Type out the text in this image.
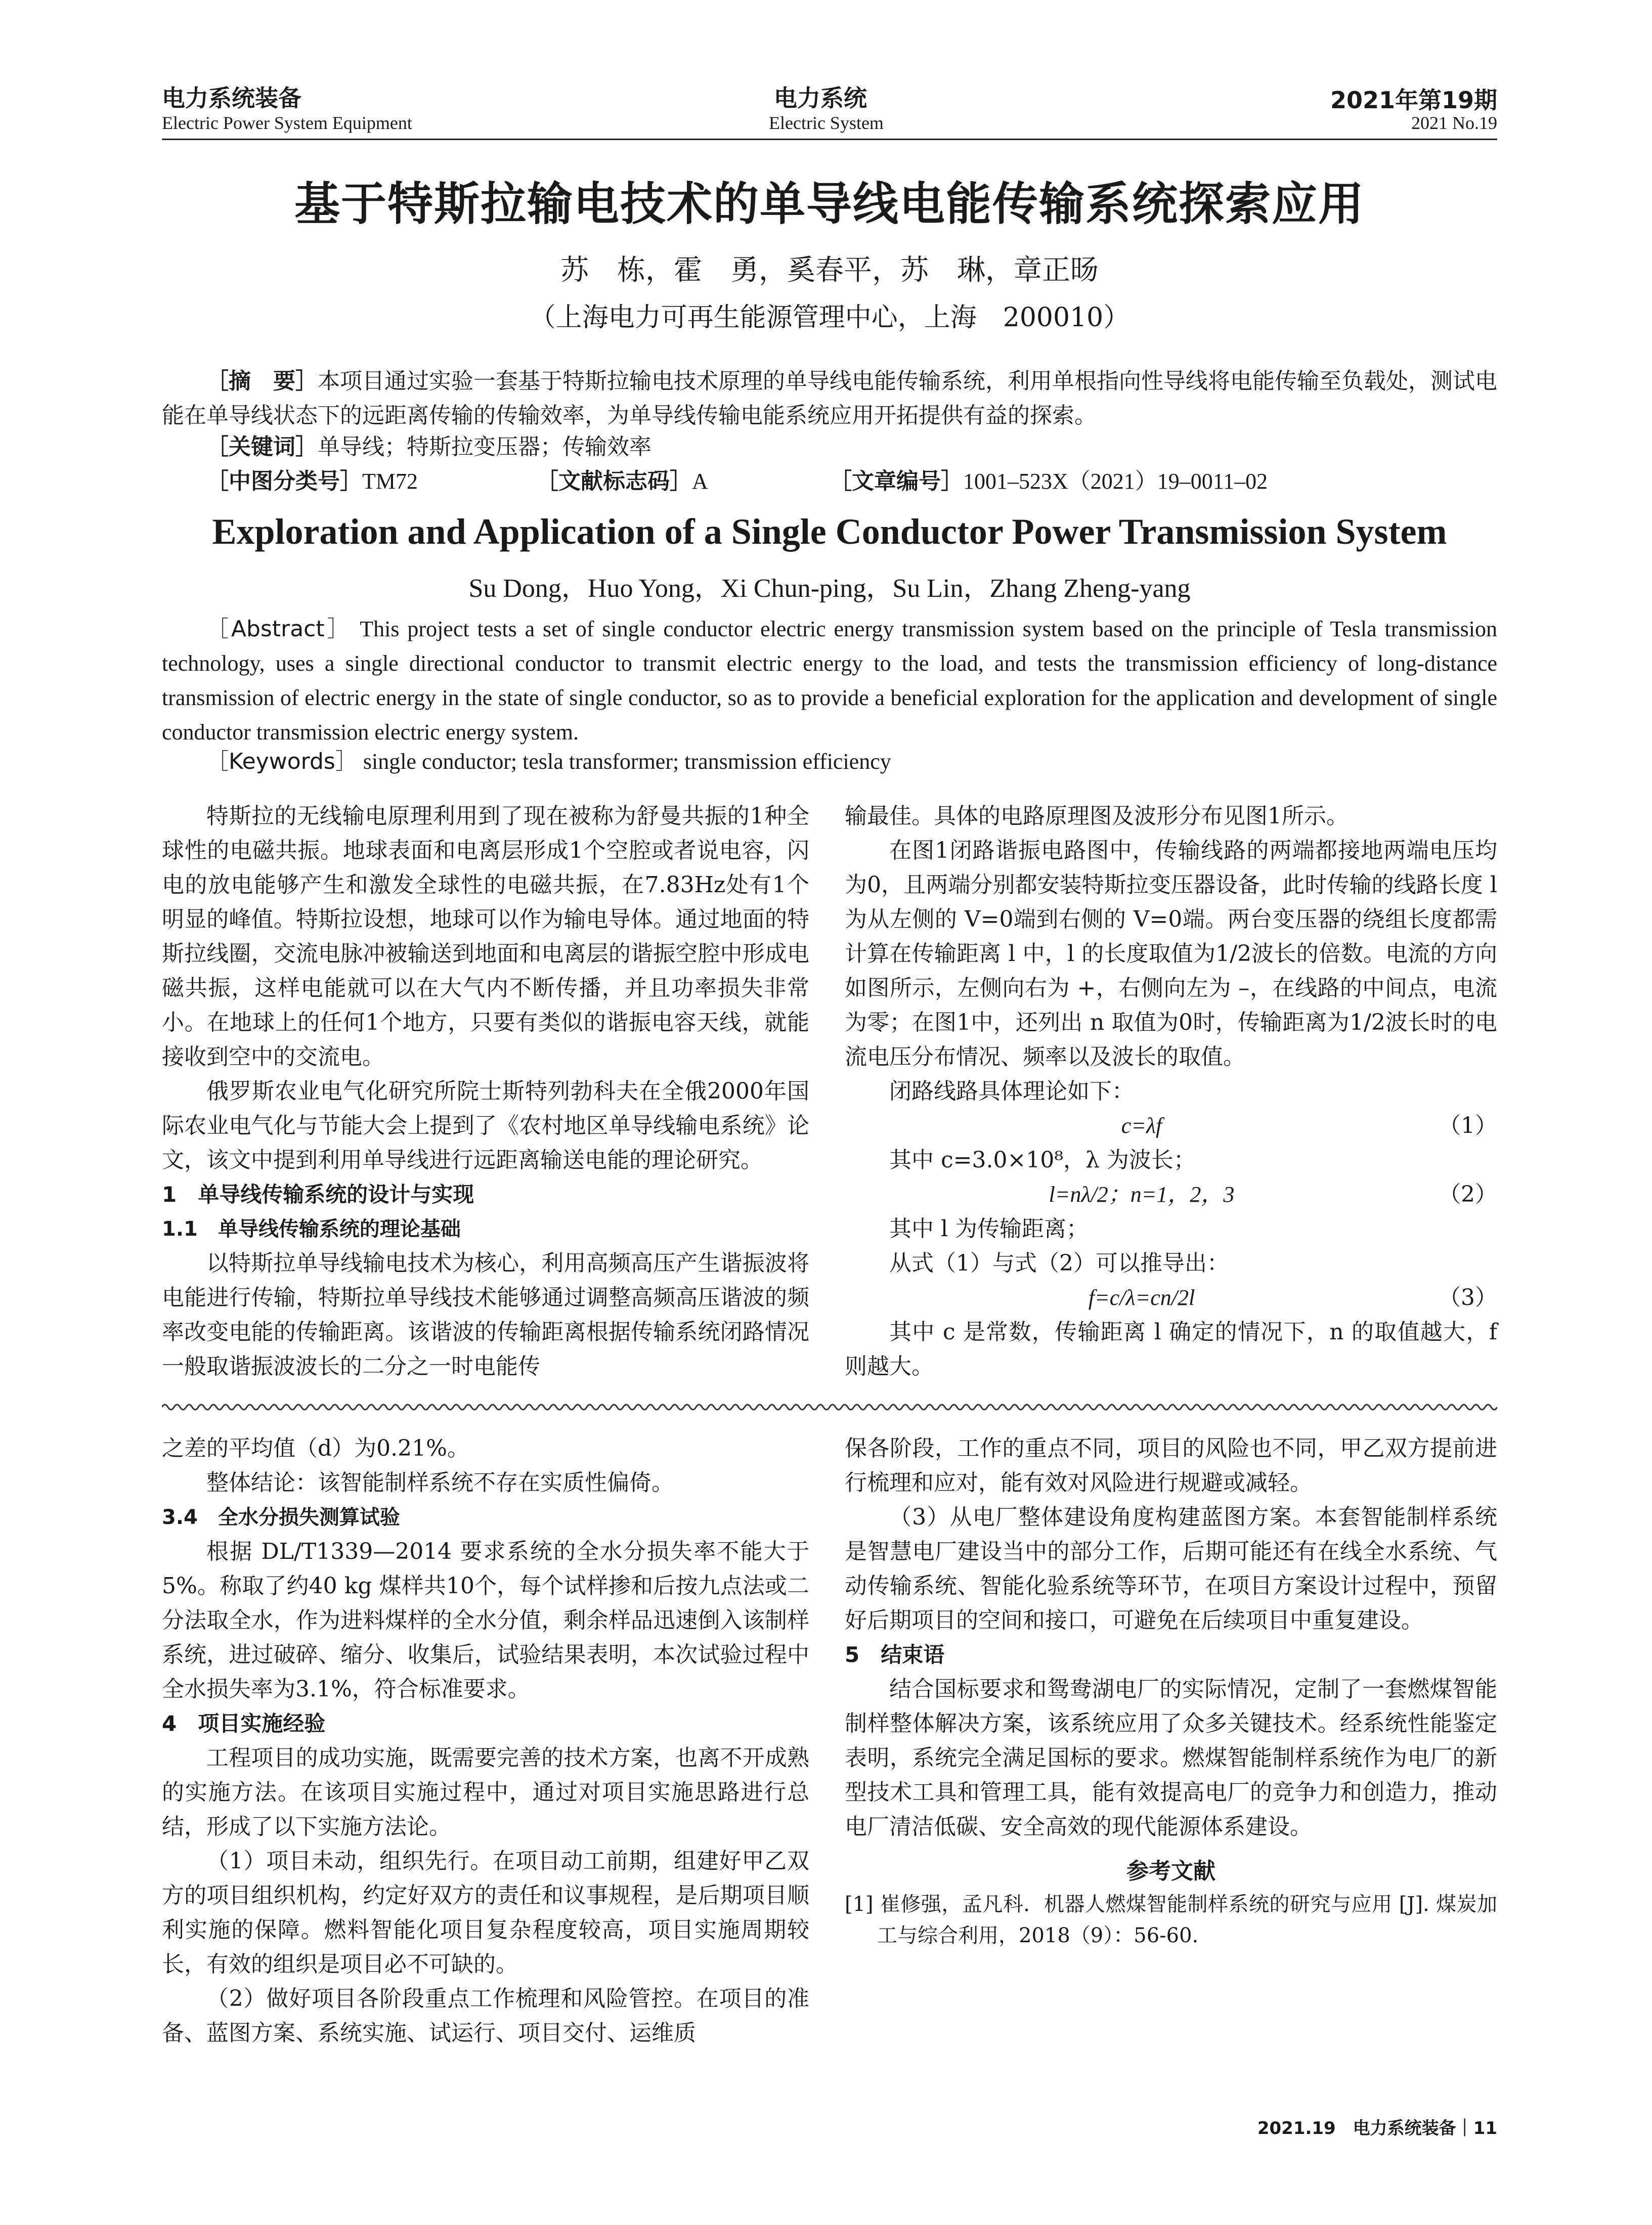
电力系统装备
Electric Power System Equipment
电力系统
Electric System
2021年第19期
2021 No.19
基于特斯拉输电技术的单导线电能传输系统探索应用
苏　栋，霍　勇，奚春平，苏　琳，章正旸
（上海电力可再生能源管理中心，上海　200010）
［摘　要］本项目通过实验一套基于特斯拉输电技术原理的单导线电能传输系统，利用单根指向性导线将电能传输至负载处，测试电能在单导线状态下的远距离传输的传输效率，为单导线传输电能系统应用开拓提供有益的探索。
［关键词］单导线；特斯拉变压器；传输效率
［中图分类号］TM72	［文献标志码］A	［文章编号］1001–523X（2021）19–0011–02
Exploration and Application of a Single Conductor Power Transmission System
Su Dong，Huo Yong，Xi Chun-ping，Su Lin，Zhang Zheng-yang
［Abstract］ This project tests a set of single conductor electric energy transmission system based on the principle of Tesla transmission technology, uses a single directional conductor to transmit electric energy to the load, and tests the transmission efficiency of long-distance transmission of electric energy in the state of single conductor, so as to provide a beneficial exploration for the application and development of single conductor transmission electric energy system.
［Keywords］ single conductor; tesla transformer; transmission efficiency

特斯拉的无线输电原理利用到了现在被称为舒曼共振的1种全球性的电磁共振。地球表面和电离层形成1个空腔或者说电容，闪电的放电能够产生和激发全球性的电磁共振，在7.83Hz处有1个明显的峰值。特斯拉设想，地球可以作为输电导体。通过地面的特斯拉线圈，交流电脉冲被输送到地面和电离层的谐振空腔中形成电磁共振，这样电能就可以在大气内不断传播，并且功率损失非常小。在地球上的任何1个地方，只要有类似的谐振电容天线，就能接收到空中的交流电。

俄罗斯农业电气化研究所院士斯特列勃科夫在全俄2000年国际农业电气化与节能大会上提到了《农村地区单导线输电系统》论文，该文中提到利用单导线进行远距离输送电能的理论研究。

1　单导线传输系统的设计与实现

1.1　单导线传输系统的理论基础

以特斯拉单导线输电技术为核心，利用高频高压产生谐振波将电能进行传输，特斯拉单导线技术能够通过调整高频高压谐波的频率改变电能的传输距离。该谐波的传输距离根据传输系统闭路情况一般取谐振波波长的二分之一时电能传

输最佳。具体的电路原理图及波形分布见图1所示。

在图1闭路谐振电路图中，传输线路的两端都接地两端电压均为0，且两端分别都安装特斯拉变压器设备，此时传输的线路长度 l 为从左侧的 V=0端到右侧的 V=0端。两台变压器的绕组长度都需计算在传输距离 l 中，l 的长度取值为1/2波长的倍数。电流的方向如图所示，左侧向右为 +，右侧向左为 –，在线路的中间点，电流为零；在图1中，还列出 n 取值为0时，传输距离为1/2波长时的电流电压分布情况、频率以及波长的取值。

闭路线路具体理论如下：

c=λf	（1）

其中 c=3.0×10⁸，λ 为波长；

l=nλ/2；n=1，2，3	（2）

其中 l 为传输距离；

从式（1）与式（2）可以推导出：

f=c/λ=cn/2l	（3）

其中 c 是常数，传输距离 l 确定的情况下，n 的取值越大，f 则越大。

之差的平均值（d）为0.21%。

整体结论：该智能制样系统不存在实质性偏倚。

3.4　全水分损失测算试验

根据 DL/T1339—2014 要求系统的全水分损失率不能大于5%。称取了约40 kg 煤样共10个，每个试样掺和后按九点法或二分法取全水，作为进料煤样的全水分值，剩余样品迅速倒入该制样系统，进过破碎、缩分、收集后，试验结果表明，本次试验过程中全水损失率为3.1%，符合标准要求。

4　项目实施经验

工程项目的成功实施，既需要完善的技术方案，也离不开成熟的实施方法。在该项目实施过程中，通过对项目实施思路进行总结，形成了以下实施方法论。

（1）项目未动，组织先行。在项目动工前期，组建好甲乙双方的项目组织机构，约定好双方的责任和议事规程，是后期项目顺利实施的保障。燃料智能化项目复杂程度较高，项目实施周期较长，有效的组织是项目必不可缺的。

（2）做好项目各阶段重点工作梳理和风险管控。在项目的准备、蓝图方案、系统实施、试运行、项目交付、运维质

保各阶段，工作的重点不同，项目的风险也不同，甲乙双方提前进行梳理和应对，能有效对风险进行规避或减轻。

（3）从电厂整体建设角度构建蓝图方案。本套智能制样系统是智慧电厂建设当中的部分工作，后期可能还有在线全水系统、气动传输系统、智能化验系统等环节，在项目方案设计过程中，预留好后期项目的空间和接口，可避免在后续项目中重复建设。

5　结束语

结合国标要求和鸳鸯湖电厂的实际情况，定制了一套燃煤智能制样整体解决方案，该系统应用了众多关键技术。经系统性能鉴定表明，系统完全满足国标的要求。燃煤智能制样系统作为电厂的新型技术工具和管理工具，能有效提高电厂的竞争力和创造力，推动电厂清洁低碳、安全高效的现代能源体系建设。

参考文献

[1] 崔修强，孟凡科．机器人燃煤智能制样系统的研究与应用 [J]. 煤炭加工与综合利用，2018（9）：56-60.

2021.19　电力系统装备｜11
